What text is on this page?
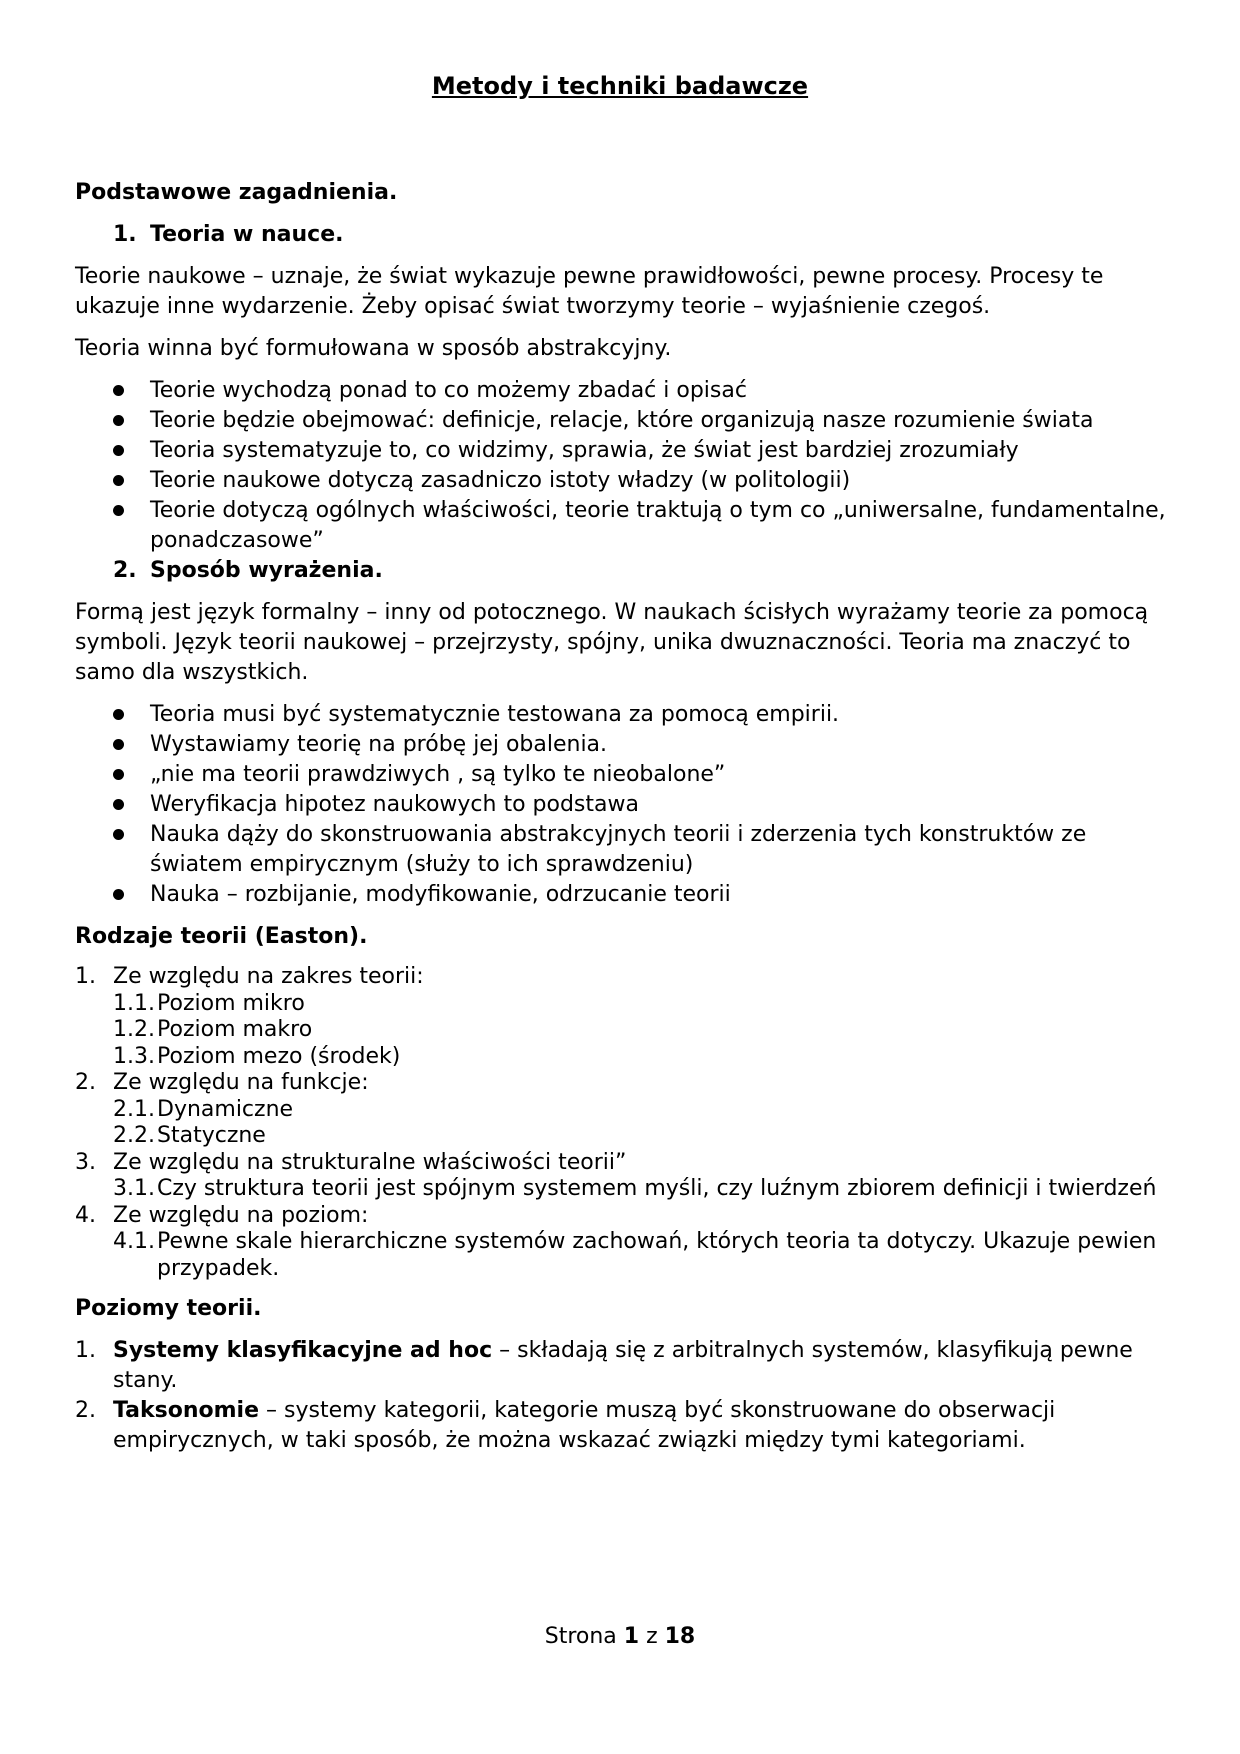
Metody i techniki badawcze

Podstawowe zagadnienia.

1. Teoria w nauce.

Teorie naukowe – uznaje, że świat wykazuje pewne prawidłowości, pewne procesy. Procesy te ukazuje inne wydarzenie. Żeby opisać świat tworzymy teorie – wyjaśnienie czegoś.

Teoria winna być formułowana w sposób abstrakcyjny.

Teorie wychodzą ponad to co możemy zbadać i opisać
Teorie będzie obejmować: definicje, relacje, które organizują nasze rozumienie świata
Teoria systematyzuje to, co widzimy, sprawia, że świat jest bardziej zrozumiały
Teorie naukowe dotyczą zasadniczo istoty władzy (w politologii)
Teorie dotyczą ogólnych właściwości, teorie traktują o tym co „uniwersalne, fundamentalne, ponadczasowe”

2. Sposób wyrażenia.

Formą jest język formalny – inny od potocznego. W naukach ścisłych wyrażamy teorie za pomocą symboli. Język teorii naukowej – przejrzysty, spójny, unika dwuznaczności. Teoria ma znaczyć to samo dla wszystkich.

Teoria musi być systematycznie testowana za pomocą empirii.
Wystawiamy teorię na próbę jej obalenia.
„nie ma teorii prawdziwych , są tylko te nieobalone”
Weryfikacja hipotez naukowych to podstawa
Nauka dąży do skonstruowania abstrakcyjnych teorii i zderzenia tych konstruktów ze światem empirycznym (służy to ich sprawdzeniu)
Nauka – rozbijanie, modyfikowanie, odrzucanie teorii

Rodzaje teorii (Easton).

1. Ze względu na zakres teorii:
1.1. Poziom mikro
1.2. Poziom makro
1.3. Poziom mezo (środek)
2. Ze względu na funkcje:
2.1. Dynamiczne
2.2. Statyczne
3. Ze względu na strukturalne właściwości teorii”
3.1. Czy struktura teorii jest spójnym systemem myśli, czy luźnym zbiorem definicji i twierdzeń
4. Ze względu na poziom:
4.1. Pewne skale hierarchiczne systemów zachowań, których teoria ta dotyczy. Ukazuje pewien przypadek.

Poziomy teorii.

1. Systemy klasyfikacyjne ad hoc – składają się z arbitralnych systemów, klasyfikują pewne stany.
2. Taksonomie – systemy kategorii, kategorie muszą być skonstruowane do obserwacji empirycznych, w taki sposób, że można wskazać związki między tymi kategoriami.
Strona 1 z 18
